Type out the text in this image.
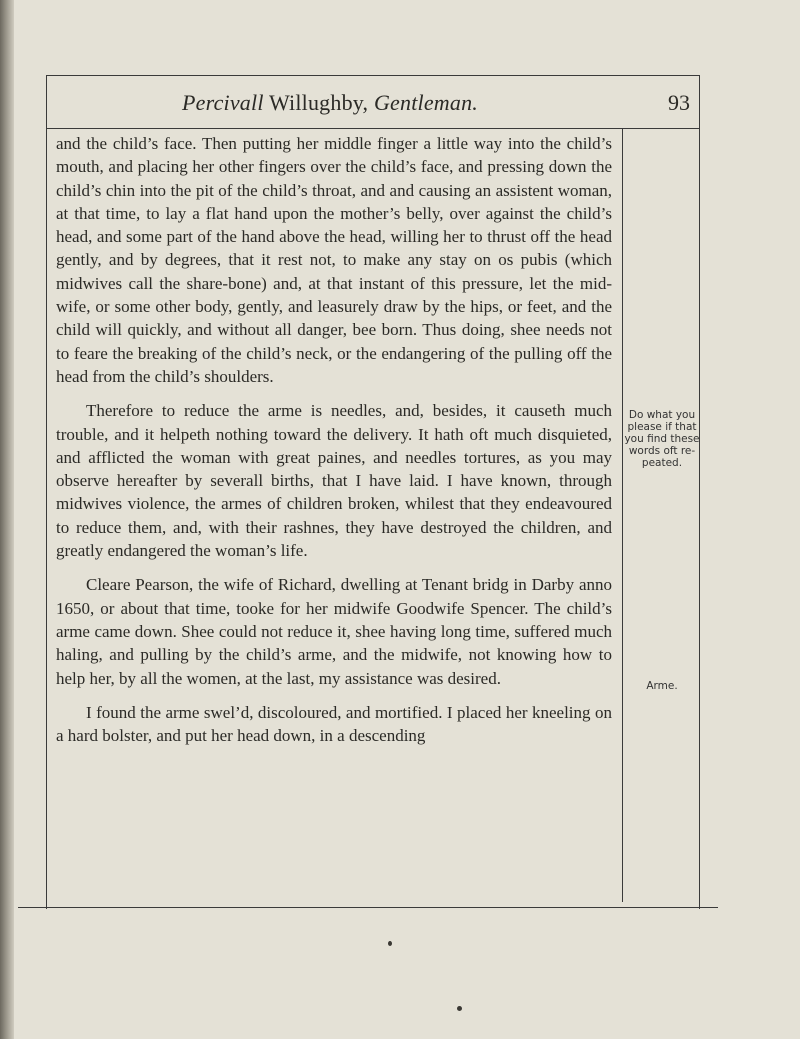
Percivall Willughby, Gentleman.	93

and the child’s face. Then putting her middle finger a little way into the child’s mouth, and placing her other fingers over the child’s face, and pressing down the child’s chin into the pit of the child’s throat, and and causing an assistent woman, at that time, to lay a flat hand upon the mother’s belly, over against the child’s head, and some part of the hand above the head, willing her to thrust off the head gently, and by degrees, that it rest not, to make any stay on os pubis (which midwives call the share-bone) and, at that instant of this pressure, let the mid-wife, or some other body, gently, and leasurely draw by the hips, or feet, and the child will quickly, and without all danger, bee born. Thus doing, shee needs not to feare the breaking of the child’s neck, or the endangering of the pulling off the head from the child’s shoulders.

Therefore to reduce the arme is needles, and, besides, it causeth much trouble, and it helpeth nothing toward the delivery. It hath oft much disquieted, and afflicted the woman with great paines, and needles tortures, as you may observe hereafter by severall births, that I have laid. I have known, through midwives violence, the armes of children broken, whilest that they endeavoured to reduce them, and, with their rashnes, they have destroyed the children, and greatly endangered the woman’s life.

Cleare Pearson, the wife of Richard, dwelling at Tenant bridg in Darby anno 1650, or about that time, tooke for her midwife Goodwife Spencer. The child’s arme came down. Shee could not reduce it, shee having long time, suffered much haling, and pulling by the child’s arme, and the midwife, not knowing how to help her, by all the women, at the last, my assistance was desired.

I found the arme swel’d, discoloured, and mortified. I placed her kneeling on a hard bolster, and put her head down, in a descending

Do what you please if that you find these words oft re-peated.
Arme.
